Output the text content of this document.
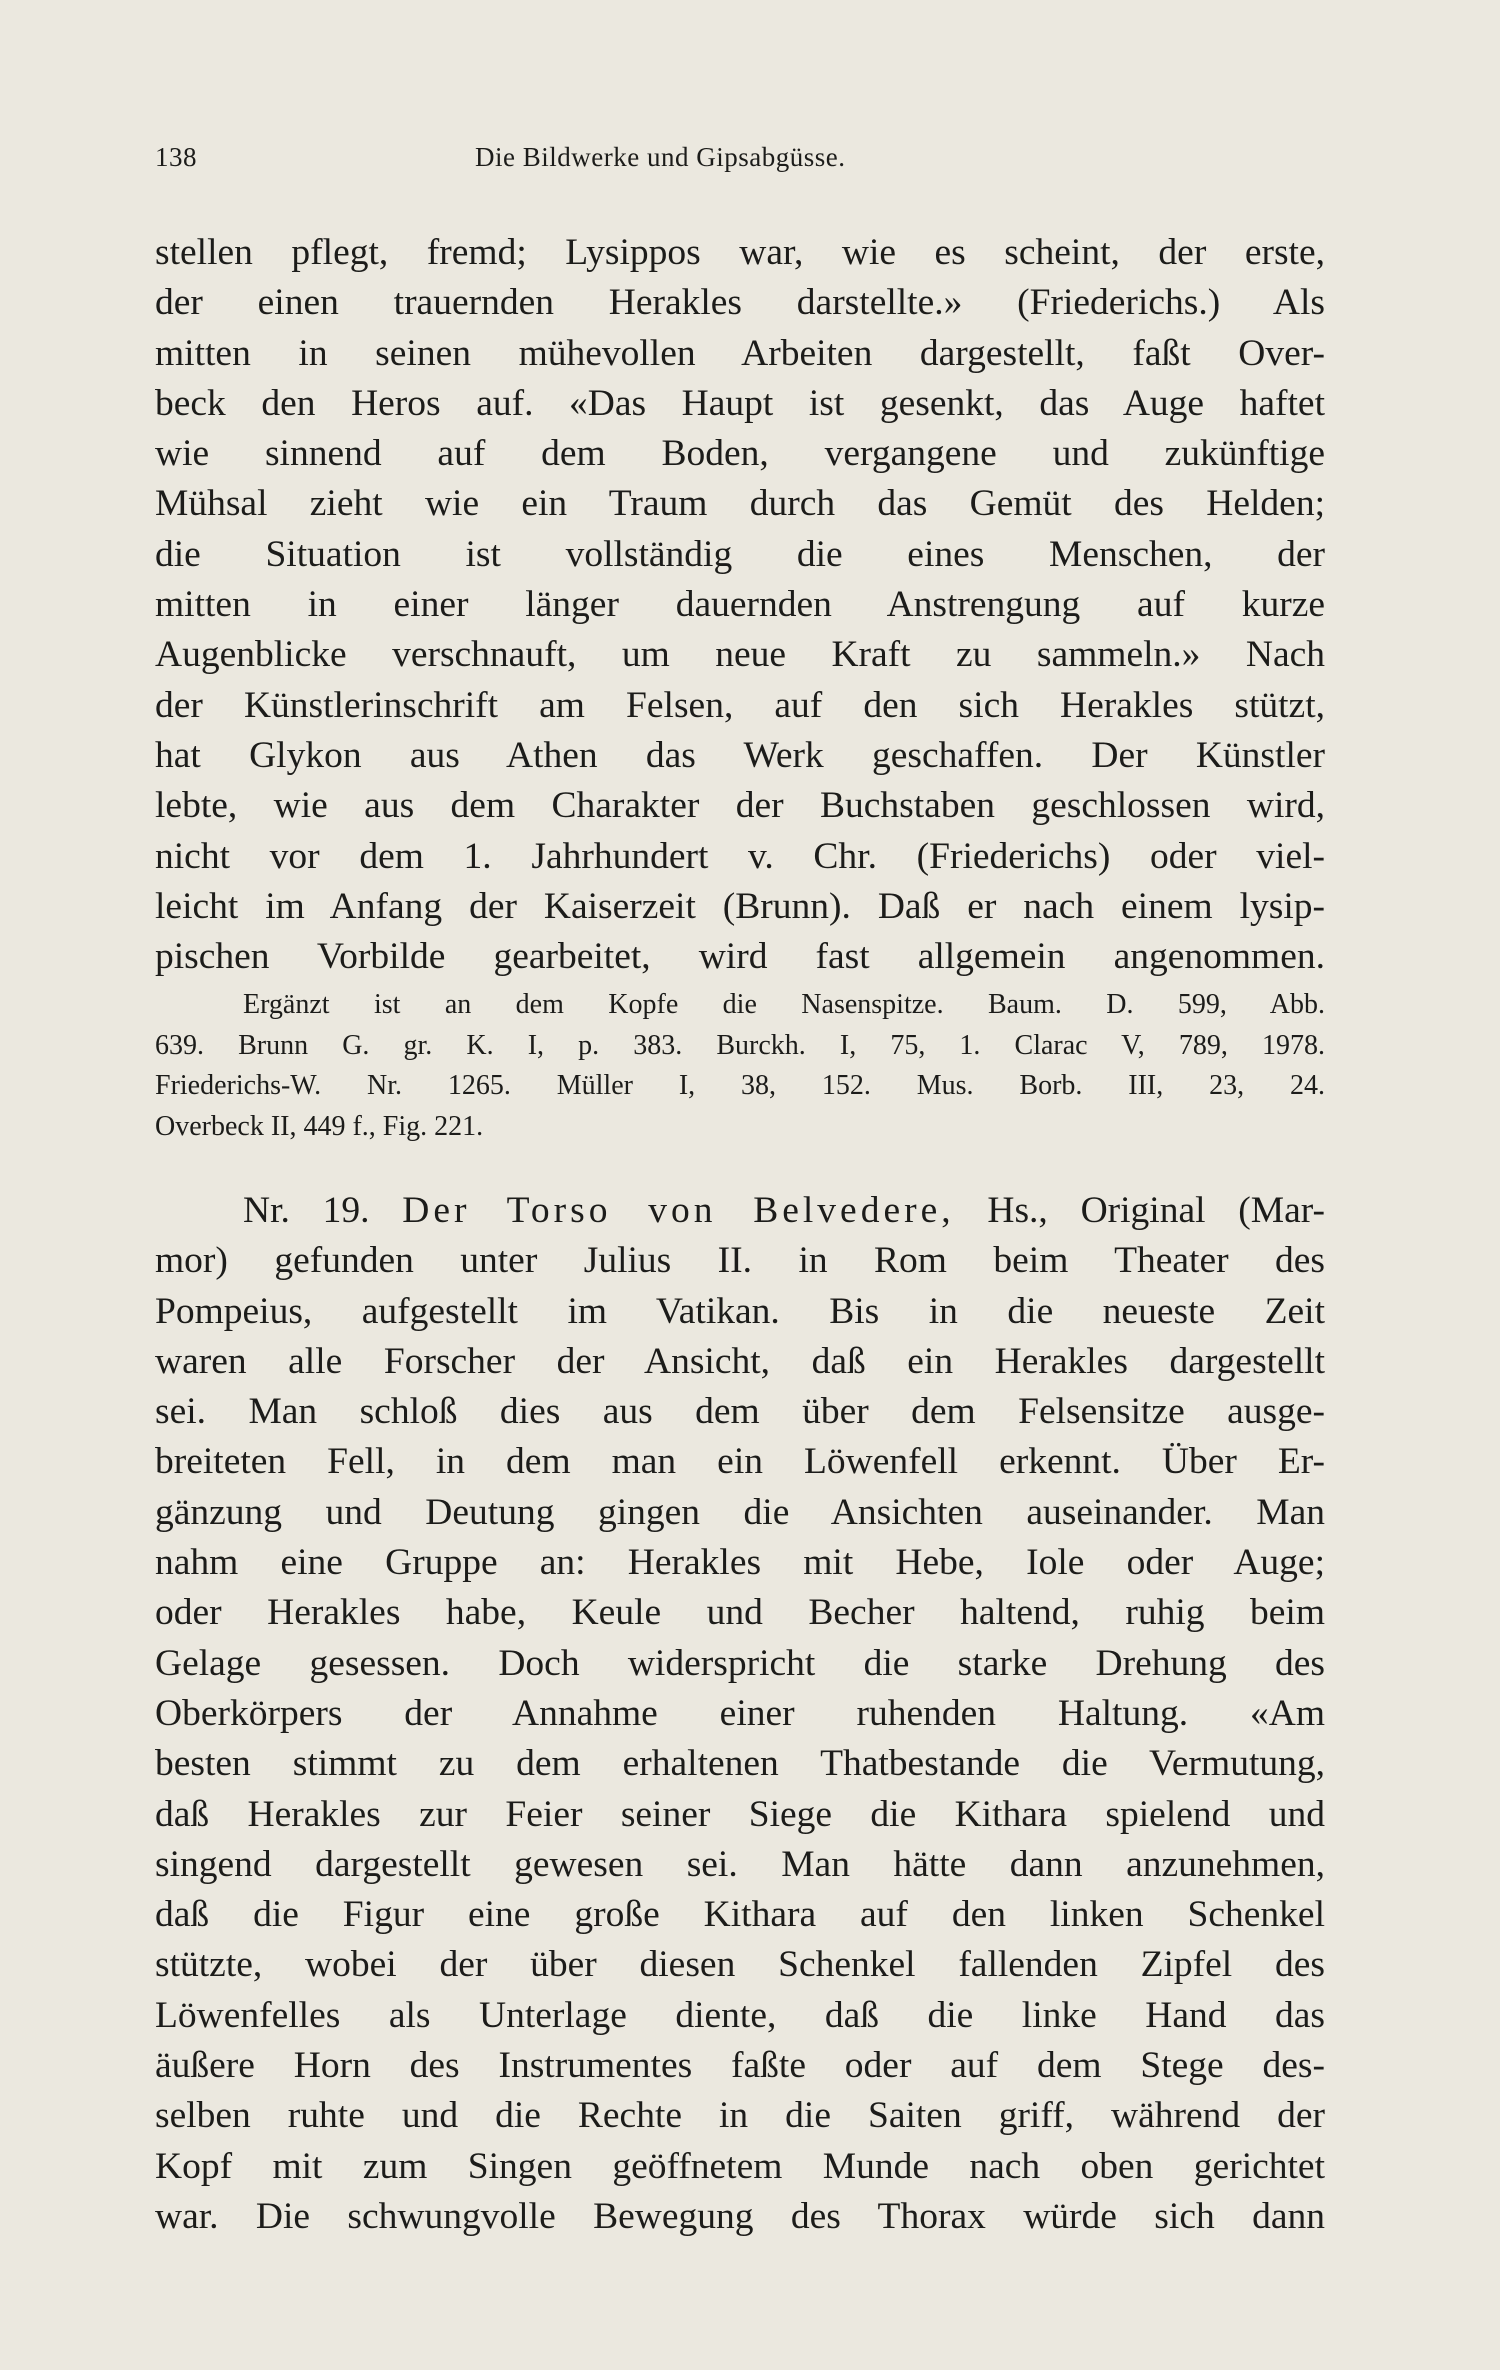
138	Die Bildwerke und Gipsabgüsse.
stellen pflegt, fremd; Lysippos war, wie es scheint, der erste,
der einen trauernden Herakles darstellte.» (Friederichs.) Als
mitten in seinen mühevollen Arbeiten dargestellt, faßt Over-
beck den Heros auf. «Das Haupt ist gesenkt, das Auge haftet
wie sinnend auf dem Boden, vergangene und zukünftige
Mühsal zieht wie ein Traum durch das Gemüt des Helden;
die Situation ist vollständig die eines Menschen, der
mitten in einer länger dauernden Anstrengung auf kurze
Augenblicke verschnauft, um neue Kraft zu sammeln.» Nach
der Künstlerinschrift am Felsen, auf den sich Herakles stützt,
hat Glykon aus Athen das Werk geschaffen. Der Künstler
lebte, wie aus dem Charakter der Buchstaben geschlossen wird,
nicht vor dem 1. Jahrhundert v. Chr. (Friederichs) oder viel-
leicht im Anfang der Kaiserzeit (Brunn). Daß er nach einem lysip-
pischen Vorbilde gearbeitet, wird fast allgemein angenommen.
Ergänzt ist an dem Kopfe die Nasenspitze. Baum. D. 599, Abb.
639. Brunn G. gr. K. I, p. 383. Burckh. I, 75, 1. Clarac V, 789, 1978.
Friederichs-W. Nr. 1265. Müller I, 38, 152. Mus. Borb. III, 23, 24.
Overbeck II, 449 f., Fig. 221.
Nr. 19. Der Torso von Belvedere, Hs., Original (Mar-
mor) gefunden unter Julius II. in Rom beim Theater des
Pompeius, aufgestellt im Vatikan. Bis in die neueste Zeit
waren alle Forscher der Ansicht, daß ein Herakles dargestellt
sei. Man schloß dies aus dem über dem Felsensitze ausge-
breiteten Fell, in dem man ein Löwenfell erkennt. Über Er-
gänzung und Deutung gingen die Ansichten auseinander. Man
nahm eine Gruppe an: Herakles mit Hebe, Iole oder Auge;
oder Herakles habe, Keule und Becher haltend, ruhig beim
Gelage gesessen. Doch widerspricht die starke Drehung des
Oberkörpers der Annahme einer ruhenden Haltung. «Am
besten stimmt zu dem erhaltenen Thatbestande die Vermutung,
daß Herakles zur Feier seiner Siege die Kithara spielend und
singend dargestellt gewesen sei. Man hätte dann anzunehmen,
daß die Figur eine große Kithara auf den linken Schenkel
stützte, wobei der über diesen Schenkel fallenden Zipfel des
Löwenfelles als Unterlage diente, daß die linke Hand das
äußere Horn des Instrumentes faßte oder auf dem Stege des-
selben ruhte und die Rechte in die Saiten griff, während der
Kopf mit zum Singen geöffnetem Munde nach oben gerichtet
war. Die schwungvolle Bewegung des Thorax würde sich dann
